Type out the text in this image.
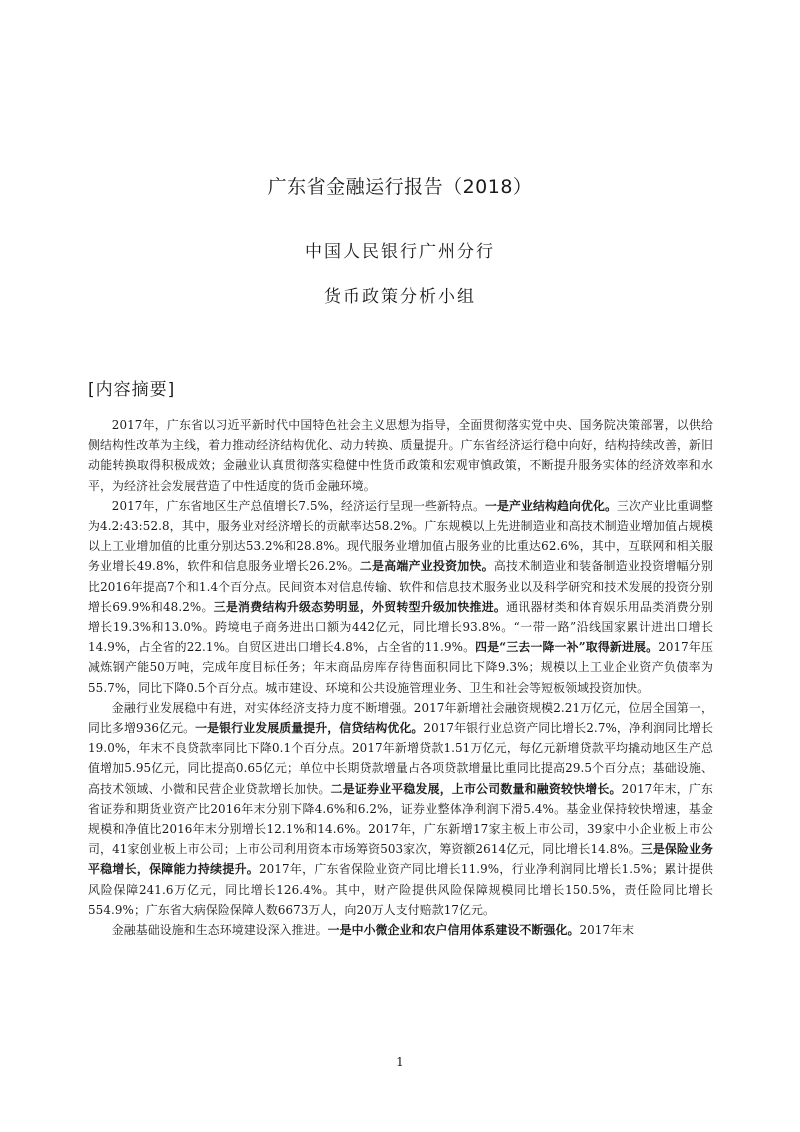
广东省金融运行报告（2018）
中国人民银行广州分行
货币政策分析小组
[内容摘要]

2017年，广东省以习近平新时代中国特色社会主义思想为指导，全面贯彻落实党中央、国务院决策部署，以供给侧结构性改革为主线，着力推动经济结构优化、动力转换、质量提升。广东省经济运行稳中向好，结构持续改善，新旧动能转换取得积极成效；金融业认真贯彻落实稳健中性货币政策和宏观审慎政策，不断提升服务实体的经济效率和水平，为经济社会发展营造了中性适度的货币金融环境。

2017年，广东省地区生产总值增长7.5%，经济运行呈现一些新特点。一是产业结构趋向优化。三次产业比重调整为4.2:43:52.8，其中，服务业对经济增长的贡献率达58.2%。广东规模以上先进制造业和高技术制造业增加值占规模以上工业增加值的比重分别达53.2%和28.8%。现代服务业增加值占服务业的比重达62.6%，其中，互联网和相关服务业增长49.8%，软件和信息服务业增长26.2%。二是高端产业投资加快。高技术制造业和装备制造业投资增幅分别比2016年提高7个和1.4个百分点。民间资本对信息传输、软件和信息技术服务业以及科学研究和技术发展的投资分别增长69.9%和48.2%。三是消费结构升级态势明显，外贸转型升级加快推进。通讯器材类和体育娱乐用品类消费分别增长19.3%和13.0%。跨境电子商务进出口额为442亿元，同比增长93.8%。“一带一路”沿线国家累计进出口增长14.9%，占全省的22.1%。自贸区进出口增长4.8%，占全省的11.9%。四是“三去一降一补”取得新进展。2017年压减炼钢产能50万吨，完成年度目标任务；年末商品房库存待售面积同比下降9.3%；规模以上工业企业资产负债率为55.7%，同比下降0.5个百分点。城市建设、环境和公共设施管理业务、卫生和社会等短板领域投资加快。

金融行业发展稳中有进，对实体经济支持力度不断增强。2017年新增社会融资规模2.21万亿元，位居全国第一，同比多增936亿元。一是银行业发展质量提升，信贷结构优化。2017年银行业总资产同比增长2.7%，净利润同比增长19.0%，年末不良贷款率同比下降0.1个百分点。2017年新增贷款1.51万亿元，每亿元新增贷款平均撬动地区生产总值增加5.95亿元，同比提高0.65亿元；单位中长期贷款增量占各项贷款增量比重同比提高29.5个百分点；基础设施、高技术领域、小微和民营企业贷款增长加快。二是证券业平稳发展，上市公司数量和融资较快增长。2017年末，广东省证券和期货业资产比2016年末分别下降4.6%和6.2%，证券业整体净利润下滑5.4%。基金业保持较快增速，基金规模和净值比2016年末分别增长12.1%和14.6%。2017年，广东新增17家主板上市公司，39家中小企业板上市公司，41家创业板上市公司；上市公司利用资本市场筹资503家次，筹资额2614亿元，同比增长14.8%。三是保险业务平稳增长，保障能力持续提升。2017年，广东省保险业资产同比增长11.9%，行业净利润同比增长1.5%；累计提供风险保障241.6万亿元，同比增长126.4%。其中，财产险提供风险保障规模同比增长150.5%，责任险同比增长554.9%；广东省大病保险保障人数6673万人，向20万人支付赔款17亿元。

金融基础设施和生态环境建设深入推进。一是中小微企业和农户信用体系建设不断强化。2017年末

1
